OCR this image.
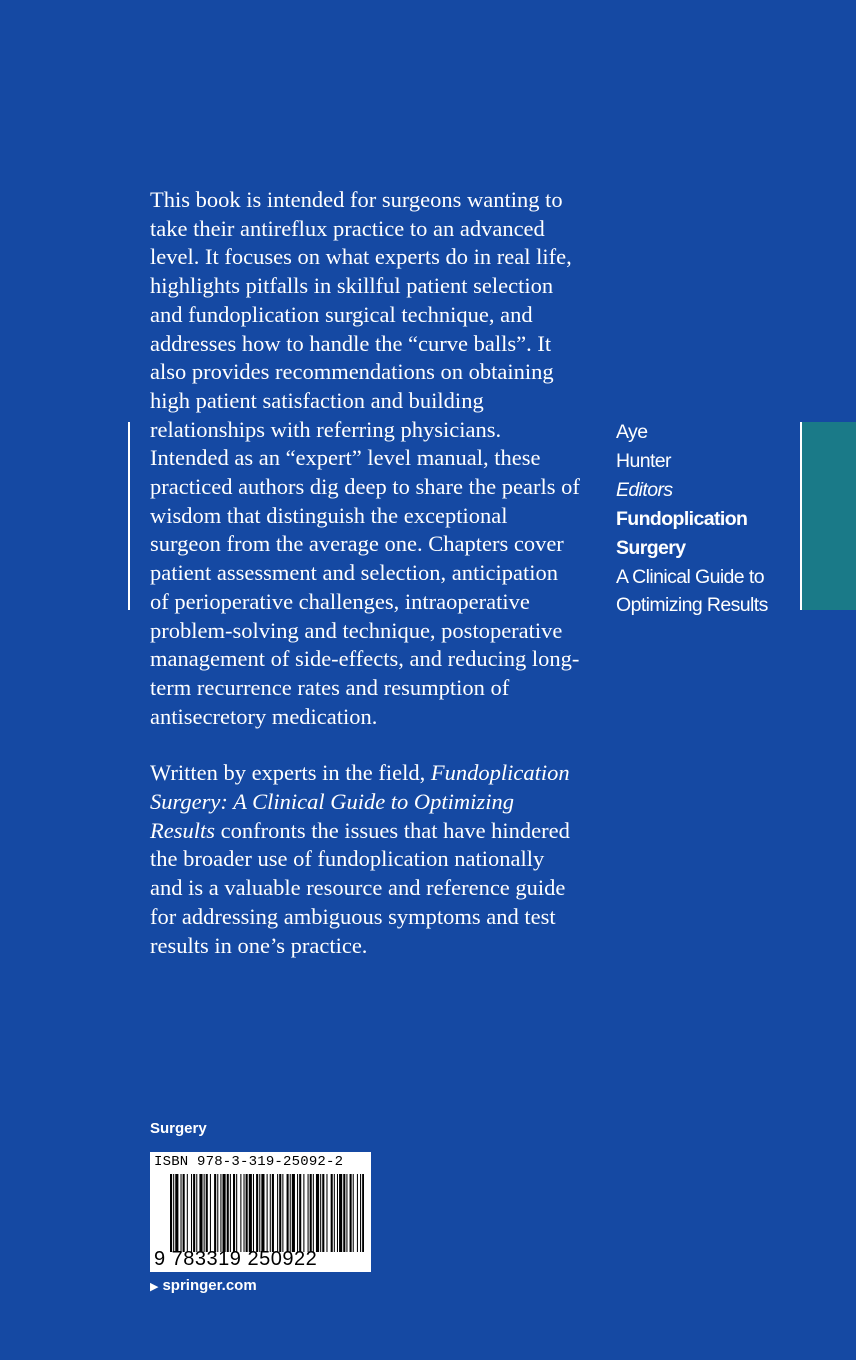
This book is intended for surgeons wanting to take their antireflux practice to an advanced level. It focuses on what experts do in real life, highlights pitfalls in skillful patient selection and fundoplication surgical technique, and addresses how to handle the “curve balls”. It also provides recommendations on obtaining high patient satisfaction and building relationships with referring physicians. Intended as an “expert” level manual, these practiced authors dig deep to share the pearls of wisdom that distinguish the exceptional surgeon from the average one. Chapters cover patient assessment and selection, anticipation of perioperative challenges, intraoperative problem-solving and technique, postoperative management of side-effects, and reducing long-term recurrence rates and resumption of antisecretory medication.

Written by experts in the field, Fundoplication Surgery: A Clinical Guide to Optimizing Results confronts the issues that have hindered the broader use of fundoplication nationally and is a valuable resource and reference guide for addressing ambiguous symptoms and test results in one’s practice.

Aye
Hunter
Editors
Fundoplication
Surgery
A Clinical Guide to
Optimizing Results
Surgery
ISBN 978-3-319-25092-2
9 783319 250922
▶ springer.com
